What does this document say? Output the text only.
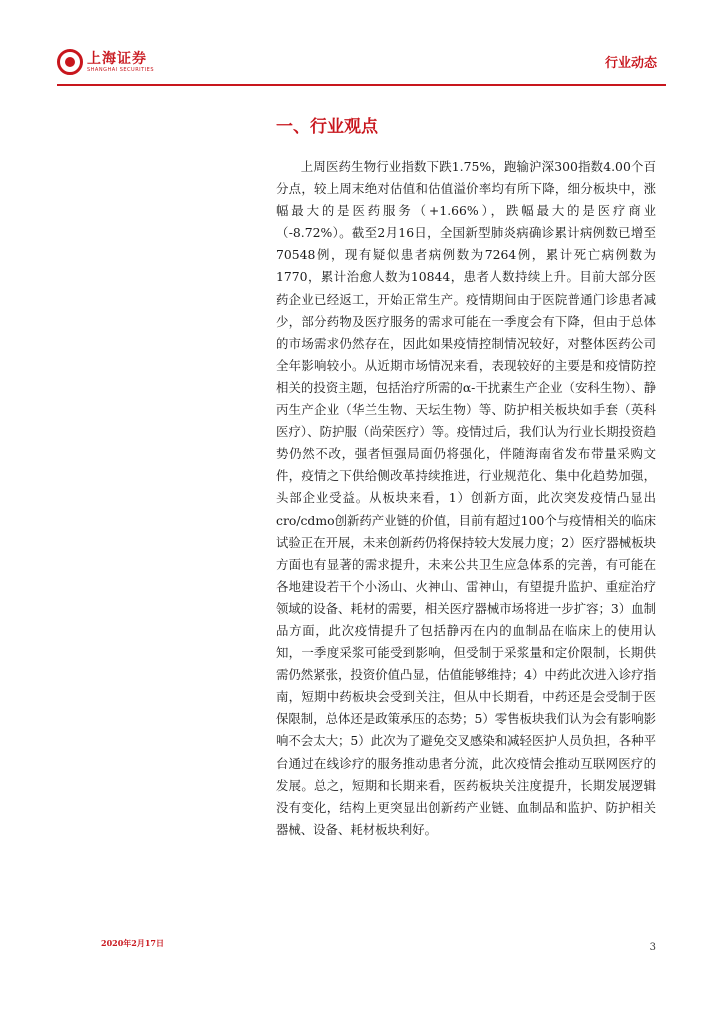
上海证券
SHANGHAI SECURITIES	行业动态
一、行业观点
上周医药生物行业指数下跌1.75%，跑输沪深300指数4.00个百分点，较上周末绝对估值和估值溢价率均有所下降，细分板块中，涨幅最大的是医药服务（+1.66%），跌幅最大的是医疗商业（-8.72%）。截至2月16日，全国新型肺炎病确诊累计病例数已增至70548例，现有疑似患者病例数为7264例，累计死亡病例数为1770，累计治愈人数为10844，患者人数持续上升。目前大部分医药企业已经返工，开始正常生产。疫情期间由于医院普通门诊患者减少，部分药物及医疗服务的需求可能在一季度会有下降，但由于总体的市场需求仍然存在，因此如果疫情控制情况较好，对整体医药公司全年影响较小。从近期市场情况来看，表现较好的主要是和疫情防控相关的投资主题，包括治疗所需的α-干扰素生产企业（安科生物）、静丙生产企业（华兰生物、天坛生物）等、防护相关板块如手套（英科医疗）、防护服（尚荣医疗）等。疫情过后，我们认为行业长期投资趋势仍然不改，强者恒强局面仍将强化，伴随海南省发布带量采购文件，疫情之下供给侧改革持续推进，行业规范化、集中化趋势加强，头部企业受益。从板块来看，1）创新方面，此次突发疫情凸显出cro/cdmo创新药产业链的价值，目前有超过100个与疫情相关的临床试验正在开展，未来创新药仍将保持较大发展力度；2）医疗器械板块方面也有显著的需求提升，未来公共卫生应急体系的完善，有可能在各地建设若干个小汤山、火神山、雷神山，有望提升监护、重症治疗领域的设备、耗材的需要，相关医疗器械市场将进一步扩容；3）血制品方面，此次疫情提升了包括静丙在内的血制品在临床上的使用认知，一季度采浆可能受到影响，但受制于采浆量和定价限制，长期供需仍然紧张，投资价值凸显，估值能够维持；4）中药此次进入诊疗指南，短期中药板块会受到关注，但从中长期看，中药还是会受制于医保限制，总体还是政策承压的态势；5）零售板块我们认为会有影响影响不会太大；5）此次为了避免交叉感染和减轻医护人员负担，各种平台通过在线诊疗的服务推动患者分流，此次疫情会推动互联网医疗的发展。总之，短期和长期来看，医药板块关注度提升，长期发展逻辑没有变化，结构上更突显出创新药产业链、血制品和监护、防护相关器械、设备、耗材板块利好。
2020年2月17日	3
